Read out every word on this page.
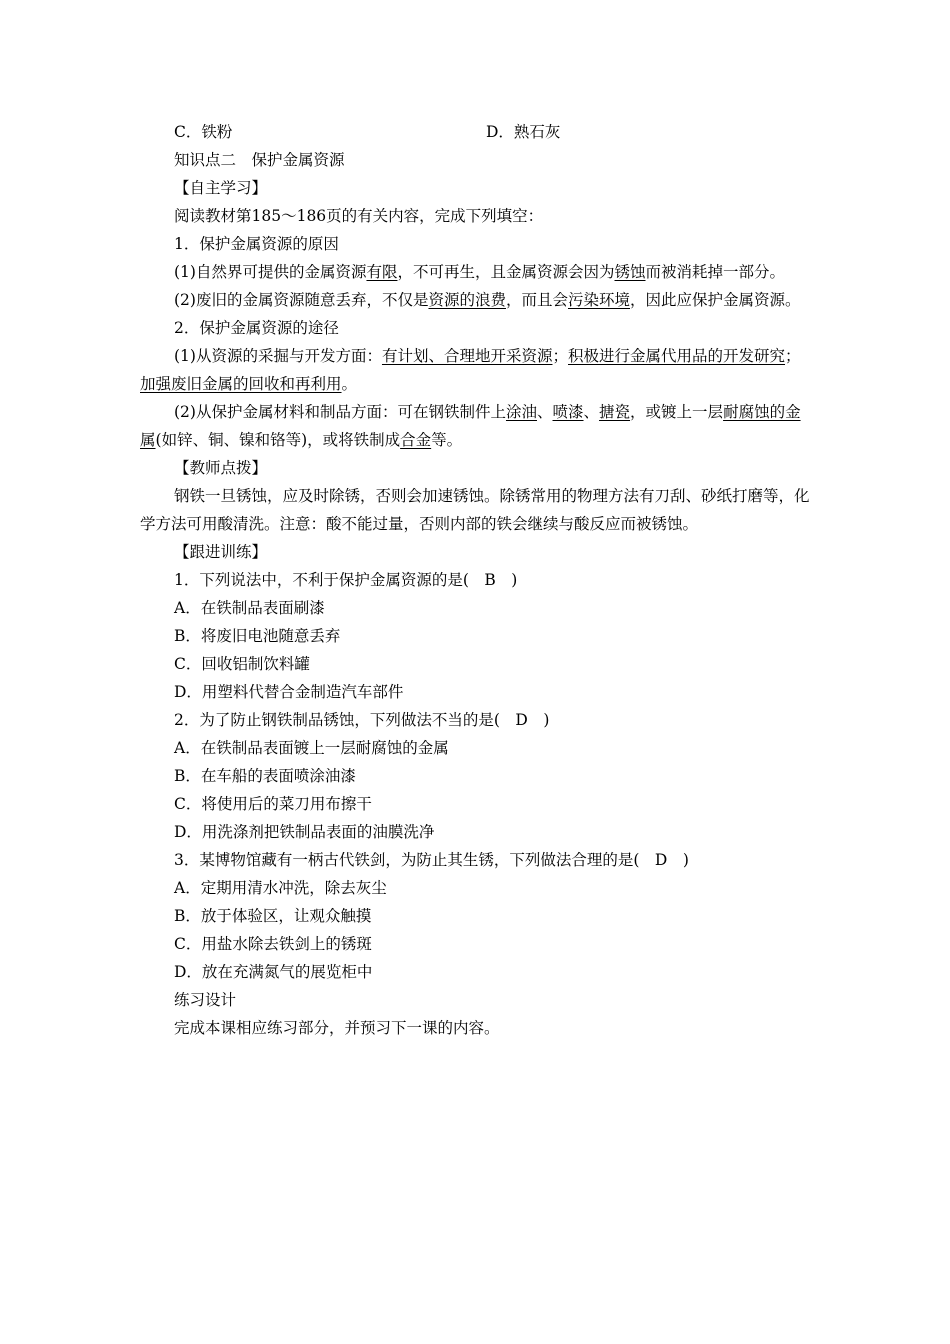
C．铁粉	D．熟石灰
知识点二　保护金属资源
【自主学习】
阅读教材第185～186页的有关内容，完成下列填空：
1．保护金属资源的原因
(1)自然界可提供的金属资源有限，不可再生，且金属资源会因为锈蚀而被消耗掉一部分。
(2)废旧的金属资源随意丢弃，不仅是资源的浪费，而且会污染环境，因此应保护金属资源。
2．保护金属资源的途径
(1)从资源的采掘与开发方面：有计划、合理地开采资源；积极进行金属代用品的开发研究；加强废旧金属的回收和再利用。
(2)从保护金属材料和制品方面：可在钢铁制件上涂油、喷漆、搪瓷，或镀上一层耐腐蚀的金属(如锌、铜、镍和铬等)，或将铁制成合金等。
【教师点拨】
钢铁一旦锈蚀，应及时除锈，否则会加速锈蚀。除锈常用的物理方法有刀刮、砂纸打磨等，化学方法可用酸清洗。注意：酸不能过量，否则内部的铁会继续与酸反应而被锈蚀。
【跟进训练】
1．下列说法中，不利于保护金属资源的是(　B　)
A．在铁制品表面刷漆
B．将废旧电池随意丢弃
C．回收铝制饮料罐
D．用塑料代替合金制造汽车部件
2．为了防止钢铁制品锈蚀，下列做法不当的是(　D　)
A．在铁制品表面镀上一层耐腐蚀的金属
B．在车船的表面喷涂油漆
C．将使用后的菜刀用布擦干
D．用洗涤剂把铁制品表面的油膜洗净
3．某博物馆藏有一柄古代铁剑，为防止其生锈，下列做法合理的是(　D　)
A．定期用清水冲洗，除去灰尘
B．放于体验区，让观众触摸
C．用盐水除去铁剑上的锈斑
D．放在充满氮气的展览柜中
练习设计
完成本课相应练习部分，并预习下一课的内容。
